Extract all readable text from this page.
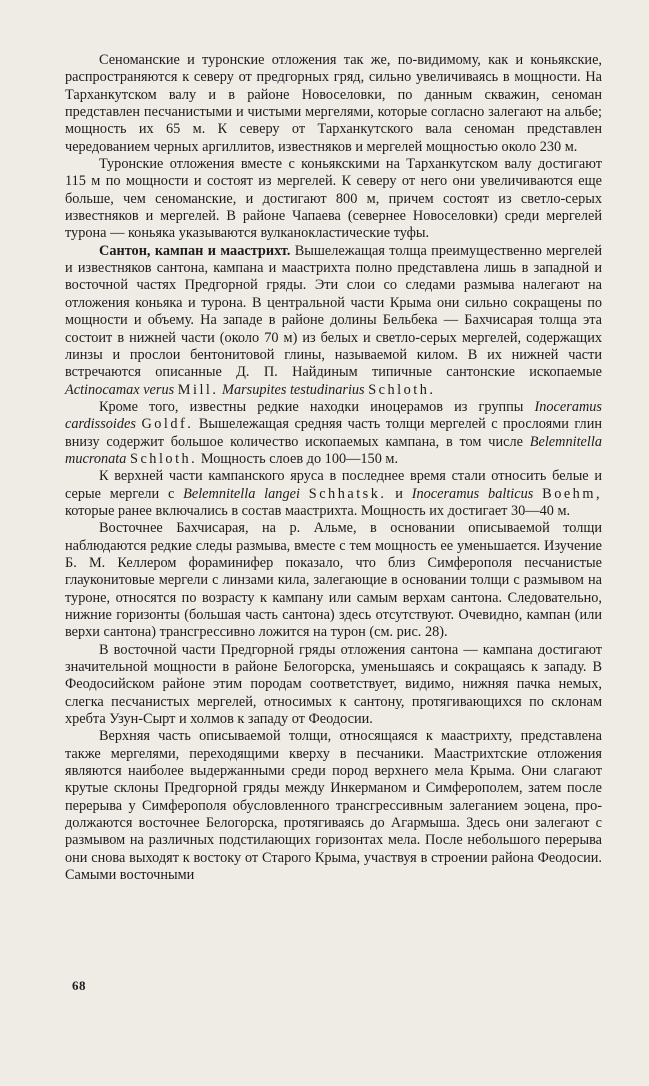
Сеноманские и туронские отложения так же, по-видимому, как и коньякские, распространяются к северу от предгорных гряд, сильно увеличиваясь в мощности. На Тарханкутском валу и в районе Новоселовки, по данным скважин, сеноман представлен песчанистыми и чистыми мергелями, которые согласно залегают на альбе; мощность их 65 м. К северу от Тарханкутского вала сеноман представлен чередованием черных аргиллитов, известняков и мергелей мощностью около 230 м.

Туронские отложения вместе с коньякскими на Тарханкутском валу достигают 115 м по мощности и состоят из мергелей. К северу от него они увеличиваются еще больше, чем сеноманские, и достигают 800 м, причем состоят из светло-серых известняков и мергелей. В районе Чапаева (севернее Новоселовки) среди мергелей турона — коньяка указываются вулканокластические туфы.

Сантон, кампан и маастрихт. Вышележащая толща преимущественно мергелей и известняков сантона, кампана и маастрихта полно представлена лишь в западной и восточной частях Предгорной гряды. Эти слои со следами размыва налегают на отложения коньяка и турона. В центральной части Крыма они сильно сокращены по мощности и объему. На западе в районе долины Бельбека — Бахчисарая толща эта состоит в нижней части (около 70 м) из белых и светло-серых мергелей, содержащих линзы и прослои бентонитовой глины, называемой килом. В их нижней части встречаются описанные Д. П. Найдиным типичные сантонские ископаемые Actinocamax verus Mill. Marsupites testudinarius Schloth.

Кроме того, известны редкие находки иноцерамов из группы Inoceramus cardissoides Goldf. Вышележащая средняя часть толщи мергелей с прослоями глин внизу содержит большое количество ископаемых кампана, в том числе Belemnitella mucronata Schloth. Мощность слоев до 100—150 м.

К верхней части кампанского яруса в последнее время стали относить белые и серые мергели с Belemnitella langei Schhatsk. и Inoceramus balticus Boehm, которые ранее включались в состав маастрихта. Мощность их достигает 30—40 м.

Восточнее Бахчисарая, на р. Альме, в основании описываемой толщи наблюдаются редкие следы размыва, вместе с тем мощность ее уменьшается. Изучение Б. М. Келлером фораминифер показало, что близ Симферополя песчанистые глауконитовые мергели с линзами кила, залегающие в основании толщи с размывом на туроне, относятся по возрасту к кампану или самым верхам сантона. Следовательно, нижние горизонты (большая часть сантона) здесь отсутствуют. Очевидно, кампан (или верхи сантона) трансгрессивно ложится на турон (см. рис. 28).

В восточной части Предгорной гряды отложения сантона — кампана достигают значительной мощности в районе Белогорска, уменьшаясь и сокращаясь к западу. В Феодосийском районе этим породам соответствует, видимо, нижняя пачка немых, слегка песчанистых мергелей, относимых к сантону, протягивающихся по склонам хребта Узун-Сырт и холмов к западу от Феодосии.

Верхняя часть описываемой толщи, относящаяся к маастрихту, представлена также мергелями, переходящими кверху в песчаники. Маастрихтские отложения являются наиболее выдержанными среди пород верхнего мела Крыма. Они слагают крутые склоны Предгорной гряды между Инкерманом и Симферополем, затем после перерыва у Симферополя обусловленного трансгрессивным залеганием эоцена, продолжаются восточнее Белогорска, протягиваясь до Агармыша. Здесь они залегают с размывом на различных подстилающих горизонтах мела. После небольшого перерыва они снова выходят к востоку от Старого Крыма, участвуя в строении района Феодосии. Самыми восточными

68
